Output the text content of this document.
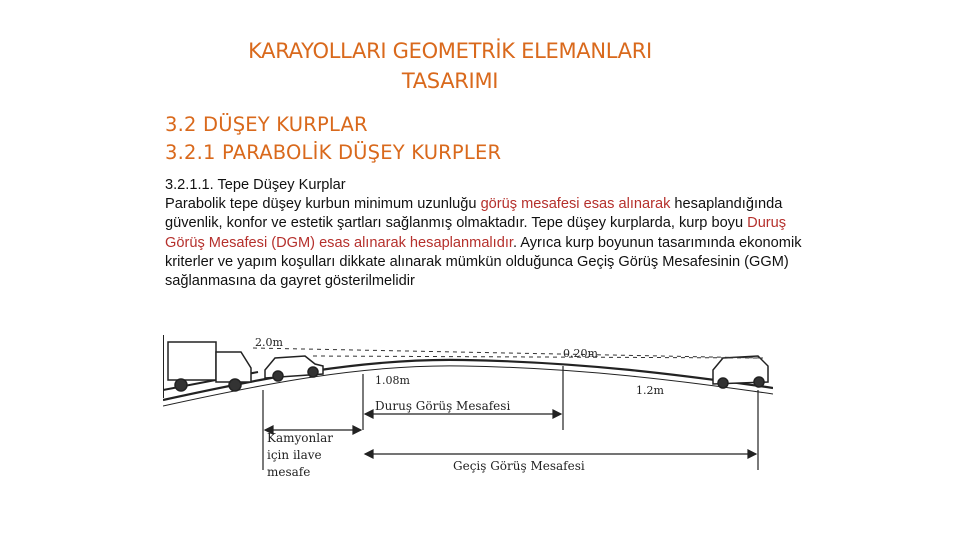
KARAYOLLARI GEOMETRİK ELEMANLARI
TASARIMI
3.2 DÜŞEY KURPLAR
3.2.1 PARABOLİK DÜŞEY KURPLER
3.2.1.1. Tepe Düşey Kurplar
Parabolik tepe düşey kurbun minimum uzunluğu görüş mesafesi esas alınarak hesaplandığında güvenlik, konfor ve estetik şartları sağlanmış olmaktadır. Tepe düşey kurplarda, kurp boyu Duruş Görüş Mesafesi (DGM) esas alınarak hesaplanmalıdır. Ayrıca kurp boyunun tasarımında ekonomik kriterler ve yapım koşulları dikkate alınarak mümkün olduğunca Geçiş Görüş Mesafesinin (GGM) sağlanmasına da gayret gösterilmelidir
2.0m
0.20m
1.08m
1.2m
Duruş Görüş Mesafesi
Kamyonlar
için ilave
mesafe	Geçiş Görüş Mesafesi
